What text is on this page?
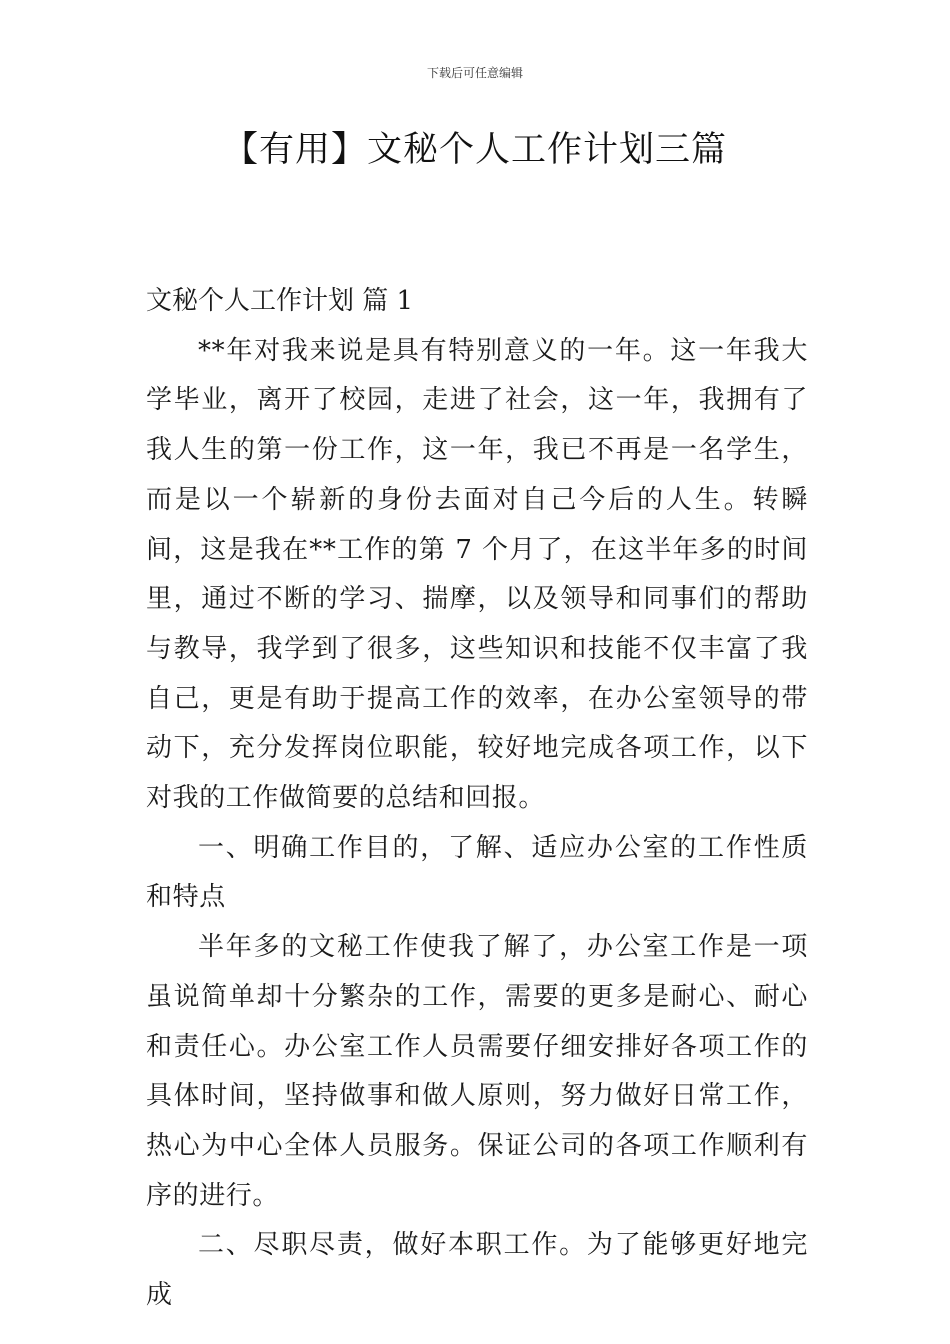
下载后可任意编辑
【有用】文秘个人工作计划三篇

文秘个人工作计划 篇 1

**年对我来说是具有特别意义的一年。这一年我大学毕业，离开了校园，走进了社会，这一年，我拥有了我人生的第一份工作，这一年，我已不再是一名学生，而是以一个崭新的身份去面对自己今后的人生。转瞬间，这是我在**工作的第 7 个月了，在这半年多的时间里，通过不断的学习、揣摩，以及领导和同事们的帮助与教导，我学到了很多，这些知识和技能不仅丰富了我自己，更是有助于提高工作的效率，在办公室领导的带动下，充分发挥岗位职能，较好地完成各项工作，以下对我的工作做简要的总结和回报。

一、明确工作目的，了解、适应办公室的工作性质和特点

半年多的文秘工作使我了解了，办公室工作是一项虽说简单却十分繁杂的工作，需要的更多是耐心、耐心和责任心。办公室工作人员需要仔细安排好各项工作的具体时间，坚持做事和做人原则，努力做好日常工作，热心为中心全体人员服务。保证公司的各项工作顺利有序的进行。

二、尽职尽责，做好本职工作。为了能够更好地完成
